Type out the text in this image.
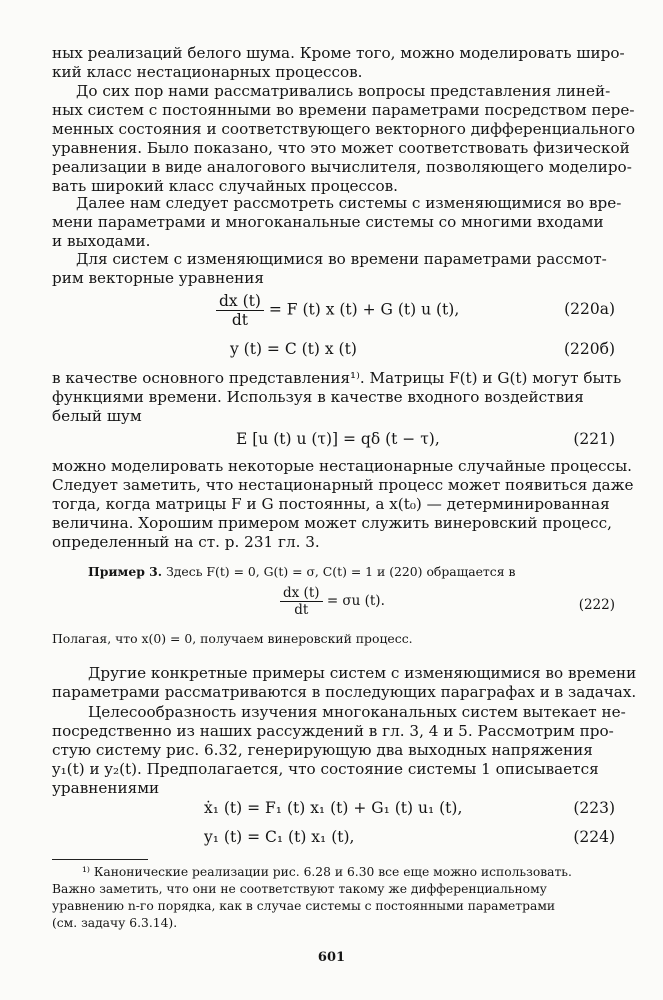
ных реализаций белого шума. Кроме того, можно моделировать широ-
кий класс нестационарных процессов.
До сих пор нами рассматривались вопросы представления линей-
ных систем с постоянными во времени параметрами посредством пере-
менных состояния и соответствующего векторного дифференциального
уравнения. Было показано, что это может соответствовать физической
реализации в виде аналогового вычислителя, позволяющего моделиро-
вать широкий класс случайных процессов.
Далее нам следует рассмотреть системы с изменяющимися во вре-
мени параметрами и многоканальные системы со многими входами
и выходами.
Для систем с изменяющимися во времени параметрами рассмот-
рим векторные уравнения
$\frac{dx (t)}{dt} = F$ (t) x (t) + G (t) u (t),	(220а)
y (t) = C (t) x (t)	(220б)
в качестве основного представления¹⁾. Матрицы F(t) и G(t) могут быть
функциями времени. Используя в качестве входного воздействия
белый шум
E [u (t) u (τ)] = qδ (t − τ),	(221)
можно моделировать некоторые нестационарные случайные процессы.
Следует заметить, что нестационарный процесс может появиться даже
тогда, когда матрицы F и G постоянны, а x(t₀) — детерминированная
величина. Хорошим примером может служить винеровский процесс,
определенный на ст. р. 231 гл. 3.
Пример 3. Здесь F(t) = 0, G(t) = σ, C(t) = 1 и (220) обращается в
$\frac{dx (t)}{dt} = \sigma u$ (t).	(222)
Полагая, что x(0) = 0, получаем винеровский процесс.
Другие конкретные примеры систем с изменяющимися во времени
параметрами рассматриваются в последующих параграфах и в задачах.
Целесообразность изучения многоканальных систем вытекает не-
посредственно из наших рассуждений в гл. 3, 4 и 5. Рассмотрим про-
стую систему рис. 6.32, генерирующую два выходных напряжения
y₁(t) и y₂(t). Предполагается, что состояние системы 1 описывается
уравнениями
ẋ₁ (t) = F₁ (t) x₁ (t) + G₁ (t) u₁ (t),	(223)
y₁ (t) = C₁ (t) x₁ (t),	(224)
¹⁾ Канонические реализации рис. 6.28 и 6.30 все еще можно использовать.
Важно заметить, что они не соответствуют такому же дифференциальному
уравнению n-го порядка, как в случае системы с постоянными параметрами
(см. задачу 6.3.14).
601
